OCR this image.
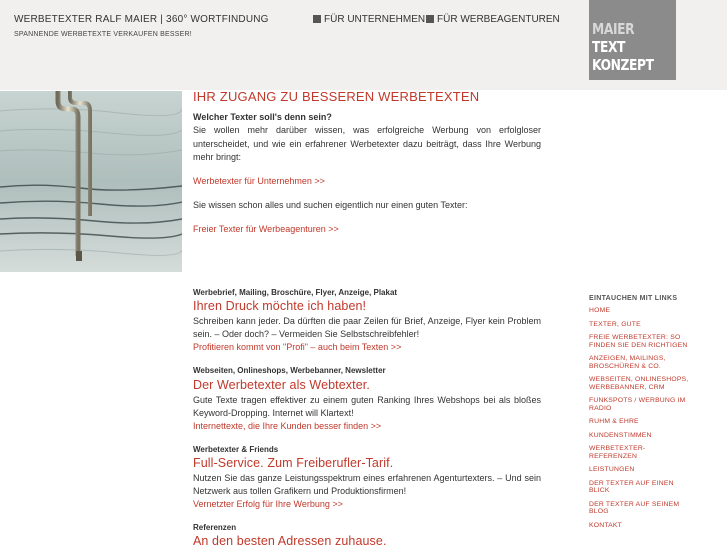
WERBETEXTER RALF MAIER | 360° WORTFINDUNG
SPANNENDE WERBETEXTE VERKAUFEN BESSER!
FÜR UNTERNEHMEN	FÜR WERBEAGENTUREN
MAIER
TEXT
KONZEPT
IHR ZUGANG ZU BESSEREN WERBETEXTEN
Welcher Texter soll's denn sein?

Sie wollen mehr darüber wissen, was erfolgreiche Werbung von erfolgloser unterscheidet, und wie ein erfahrener Werbetexter dazu beiträgt, dass Ihre Werbung mehr bringt:

Werbetexter für Unternehmen >>
Sie wissen schon alles und suchen eigentlich nur einen guten Texter:
Freier Texter für Werbeagenturen >>
Werbebrief, Mailing, Broschüre, Flyer, Anzeige, Plakat
Ihren Druck möchte ich haben!

Schreiben kann jeder. Da dürften die paar Zeilen für Brief, Anzeige, Flyer kein Problem sein. – Oder doch? – Vermeiden Sie Selbstschreibfehler!

Profitieren kommt von "Profi" – auch beim Texten >>
Webseiten, Onlineshops, Werbebanner, Newsletter
Der Werbetexter als Webtexter.

Gute Texte tragen effektiver zu einem guten Ranking Ihres Webshops bei als bloßes Keyword-Dropping. Internet will Klartext!

Internettexte, die Ihre Kunden besser finden >>
Werbetexter & Friends
Full-Service. Zum Freiberufler-Tarif.

Nutzen Sie das ganze Leistungsspektrum eines erfahrenen Agenturtexters. – Und sein Netzwerk aus tollen Grafikern und Produktionsfirmen!

Vernetzter Erfolg für Ihre Werbung >>
Referenzen
An den besten Adressen zuhause.
EINTAUCHEN MIT LINKS
HOME
TEXTER, GUTE
FREIE WERBETEXTER: SO FINDEN SIE DEN RICHTIGEN
ANZEIGEN, MAILINGS, BROSCHÜREN & CO.
WEBSEITEN, ONLINESHOPS, WERBEBANNER, CRM
FUNKSPOTS / WERBUNG IM RADIO
RUHM & EHRE
KUNDENSTIMMEN
WERBETEXTER-REFERENZEN
LEISTUNGEN
DER TEXTER AUF EINEN BLICK
DER TEXTER AUF SEINEM BLOG
KONTAKT
